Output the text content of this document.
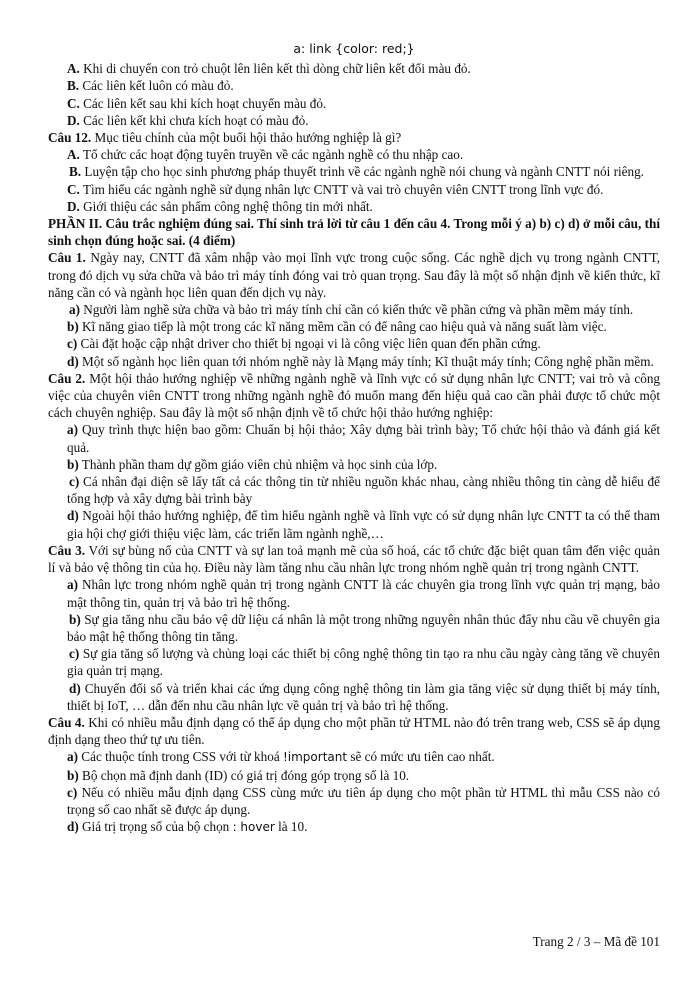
a: link {color: red;}

A. Khi di chuyển con trỏ chuột lên liên kết thì dòng chữ liên kết đổi màu đỏ.

B. Các liên kết luôn có màu đỏ.

C. Các liên kết sau khi kích hoạt chuyển màu đỏ.

D. Các liên kết khi chưa kích hoạt có màu đỏ.

Câu 12. Mục tiêu chính của một buổi hội thảo hướng nghiệp là gì?

A. Tổ chức các hoạt động tuyên truyền về các ngành nghề có thu nhập cao.

B. Luyện tập cho học sinh phương pháp thuyết trình về các ngành nghề nói chung và ngành CNTT nói riêng.

C. Tìm hiểu các ngành nghề sử dụng nhân lực CNTT và vai trò chuyên viên CNTT trong lĩnh vực đó.

D. Giới thiệu các sản phẩm công nghệ thông tin mới nhất.

PHẦN II. Câu trắc nghiệm đúng sai. Thí sinh trả lời từ câu 1 đến câu 4. Trong mỗi ý a) b) c) d) ở mỗi câu, thí sinh chọn đúng hoặc sai. (4 điểm)

Câu 1. Ngày nay, CNTT đã xâm nhập vào mọi lĩnh vực trong cuộc sống. Các nghề dịch vụ trong ngành CNTT, trong đó dịch vụ sửa chữa và bảo trì máy tính đóng vai trò quan trọng. Sau đây là một số nhận định về kiến thức, kĩ năng cần có và ngành học liên quan đến dịch vụ này.

a) Người làm nghề sửa chữa và bảo trì máy tính chỉ cần có kiến thức về phần cứng và phần mềm máy tính.

b) Kĩ năng giao tiếp là một trong các kĩ năng mềm cần có để nâng cao hiệu quả và năng suất làm việc.

c) Cài đặt hoặc cập nhật driver cho thiết bị ngoại vi là công việc liên quan đến phần cứng.

d) Một số ngành học liên quan tới nhóm nghề này là Mạng máy tính; Kĩ thuật máy tính; Công nghệ phần mềm.

Câu 2. Một hội thảo hướng nghiệp về những ngành nghề và lĩnh vực có sử dụng nhân lực CNTT; vai trò và công việc của chuyên viên CNTT trong những ngành nghề đó muốn mang đến hiệu quả cao cần phải được tổ chức một cách chuyên nghiệp. Sau đây là một số nhận định về tổ chức hội thảo hướng nghiệp:

a) Quy trình thực hiện bao gồm: Chuẩn bị hội thảo; Xây dựng bài trình bày; Tổ chức hội thảo và đánh giá kết quả.

b) Thành phần tham dự gồm giáo viên chủ nhiệm và học sinh của lớp.

c) Cá nhân đại diện sẽ lấy tất cả các thông tin từ nhiều nguồn khác nhau, càng nhiều thông tin càng dễ hiểu để tổng hợp và xây dựng bài trình bày

d) Ngoài hội thảo hướng nghiệp, để tìm hiểu ngành nghề và lĩnh vực có sử dụng nhân lực CNTT ta có thể tham gia hội chợ giới thiệu việc làm, các triển lãm ngành nghề,…

Câu 3. Với sự bùng nổ của CNTT và sự lan toả mạnh mẽ của số hoá, các tổ chức đặc biệt quan tâm đến việc quản lí và bảo vệ thông tin của họ. Điều này làm tăng nhu cầu nhân lực trong nhóm nghề quản trị trong ngành CNTT.

a) Nhân lực trong nhóm nghề quản trị trong ngành CNTT là các chuyên gia trong lĩnh vực quản trị mạng, bảo mật thông tin, quản trị và bảo trì hệ thống.

b) Sự gia tăng nhu cầu bảo vệ dữ liệu cá nhân là một trong những nguyên nhân thúc đẩy nhu cầu về chuyên gia bảo mật hệ thống thông tin tăng.

c) Sự gia tăng số lượng và chủng loại các thiết bị công nghệ thông tin tạo ra nhu cầu ngày càng tăng về chuyên gia quản trị mạng.

d) Chuyển đổi số và triển khai các ứng dụng công nghệ thông tin làm gia tăng việc sử dụng thiết bị máy tính, thiết bị IoT, … dẫn đến nhu cầu nhân lực về quản trị và bảo trì hệ thống.

Câu 4. Khi có nhiều mẫu định dạng có thể áp dụng cho một phần tử HTML nào đó trên trang web, CSS sẽ áp dụng định dạng theo thứ tự ưu tiên.

a) Các thuộc tính trong CSS với từ khoá !important sẽ có mức ưu tiên cao nhất.

b) Bộ chọn mã định danh (ID) có giá trị đóng góp trọng số là 10.

c) Nếu có nhiều mẫu định dạng CSS cùng mức ưu tiên áp dụng cho một phần tử HTML thì mẫu CSS nào có trọng số cao nhất sẽ được áp dụng.

d) Giá trị trọng số của bộ chọn : hover là 10.

Trang 2 / 3 – Mã đề 101
